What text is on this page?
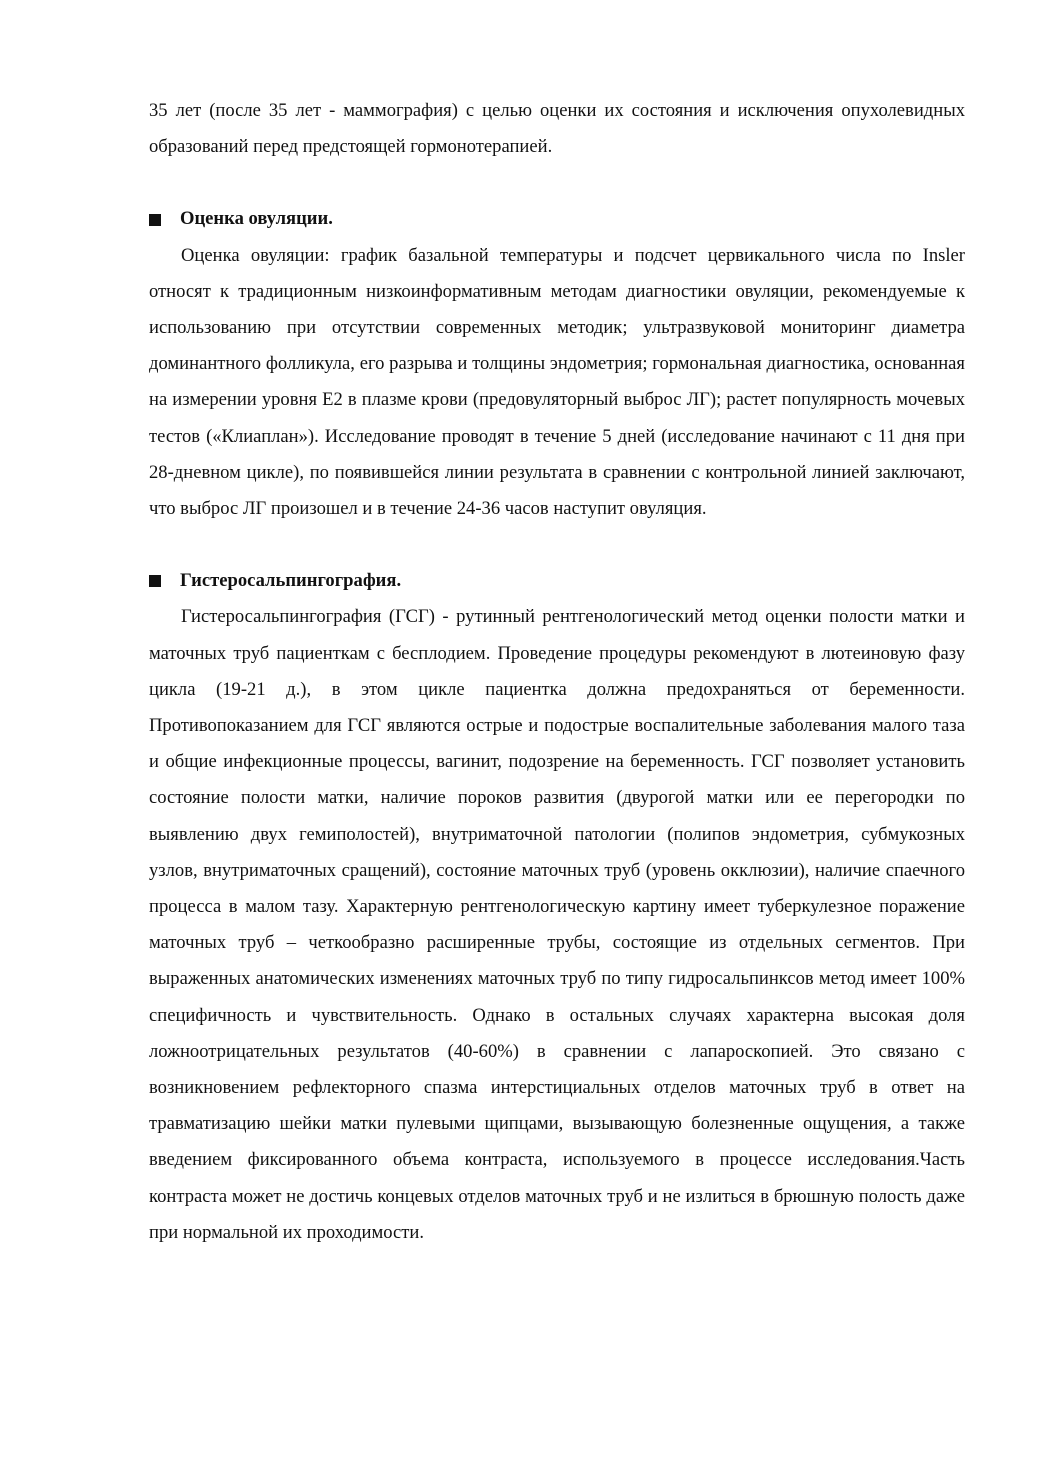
35 лет (после 35 лет - маммография) с целью оценки их состояния и исключения опухолевидных образований перед предстоящей гормонотерапией.

Оценка овуляции.

Оценка овуляции: график базальной температуры и подсчет цервикального числа по Insler относят к традиционным низкоинформативным методам диагностики овуляции, рекомендуемые к использованию при отсутствии современных методик; ультразвуковой мониторинг диаметра доминантного фолликула, его разрыва и толщины эндометрия; гормональная диагностика, основанная на измерении уровня Е2 в плазме крови (предовуляторный выброс ЛГ); растет популярность мочевых тестов («Клиаплан»). Исследование проводят в течение 5 дней (исследование начинают с 11 дня при 28-дневном цикле), по появившейся линии результата в сравнении с контрольной линией заключают, что выброс ЛГ произошел и в течение 24-36 часов наступит овуляция.

Гистеросальпингография.

Гистеросальпингография (ГСГ) - рутинный рентгенологический метод оценки полости матки и маточных труб пациенткам с бесплодием. Проведение процедуры рекомендуют в лютеиновую фазу цикла (19-21 д.), в этом цикле пациентка должна предохраняться от беременности. Противопоказанием для ГСГ являются острые и подострые воспалительные заболевания малого таза и общие инфекционные процессы, вагинит, подозрение на беременность. ГСГ позволяет установить состояние полости матки, наличие пороков развития (двурогой матки или ее перегородки по выявлению двух гемиполостей), внутриматочной патологии (полипов эндометрия, субмукозных узлов, внутриматочных сращений), состояние маточных труб (уровень окклюзии), наличие спаечного процесса в малом тазу. Характерную рентгенологическую картину имеет туберкулезное поражение маточных труб – четкообразно расширенные трубы, состоящие из отдельных сегментов. При выраженных анатомических изменениях маточных труб по типу гидросальпинксов метод имеет 100% специфичность и чувствительность. Однако в остальных случаях характерна высокая доля ложноотрицательных результатов (40-60%) в сравнении с лапароскопией. Это связано с возникновением рефлекторного спазма интерстициальных отделов маточных труб в ответ на травматизацию шейки матки пулевыми щипцами, вызывающую болезненные ощущения, а также введением фиксированного объема контраста, используемого в процессе исследования.Часть контраста может не достичь концевых отделов маточных труб и не излиться в брюшную полость даже при нормальной их проходимости.
